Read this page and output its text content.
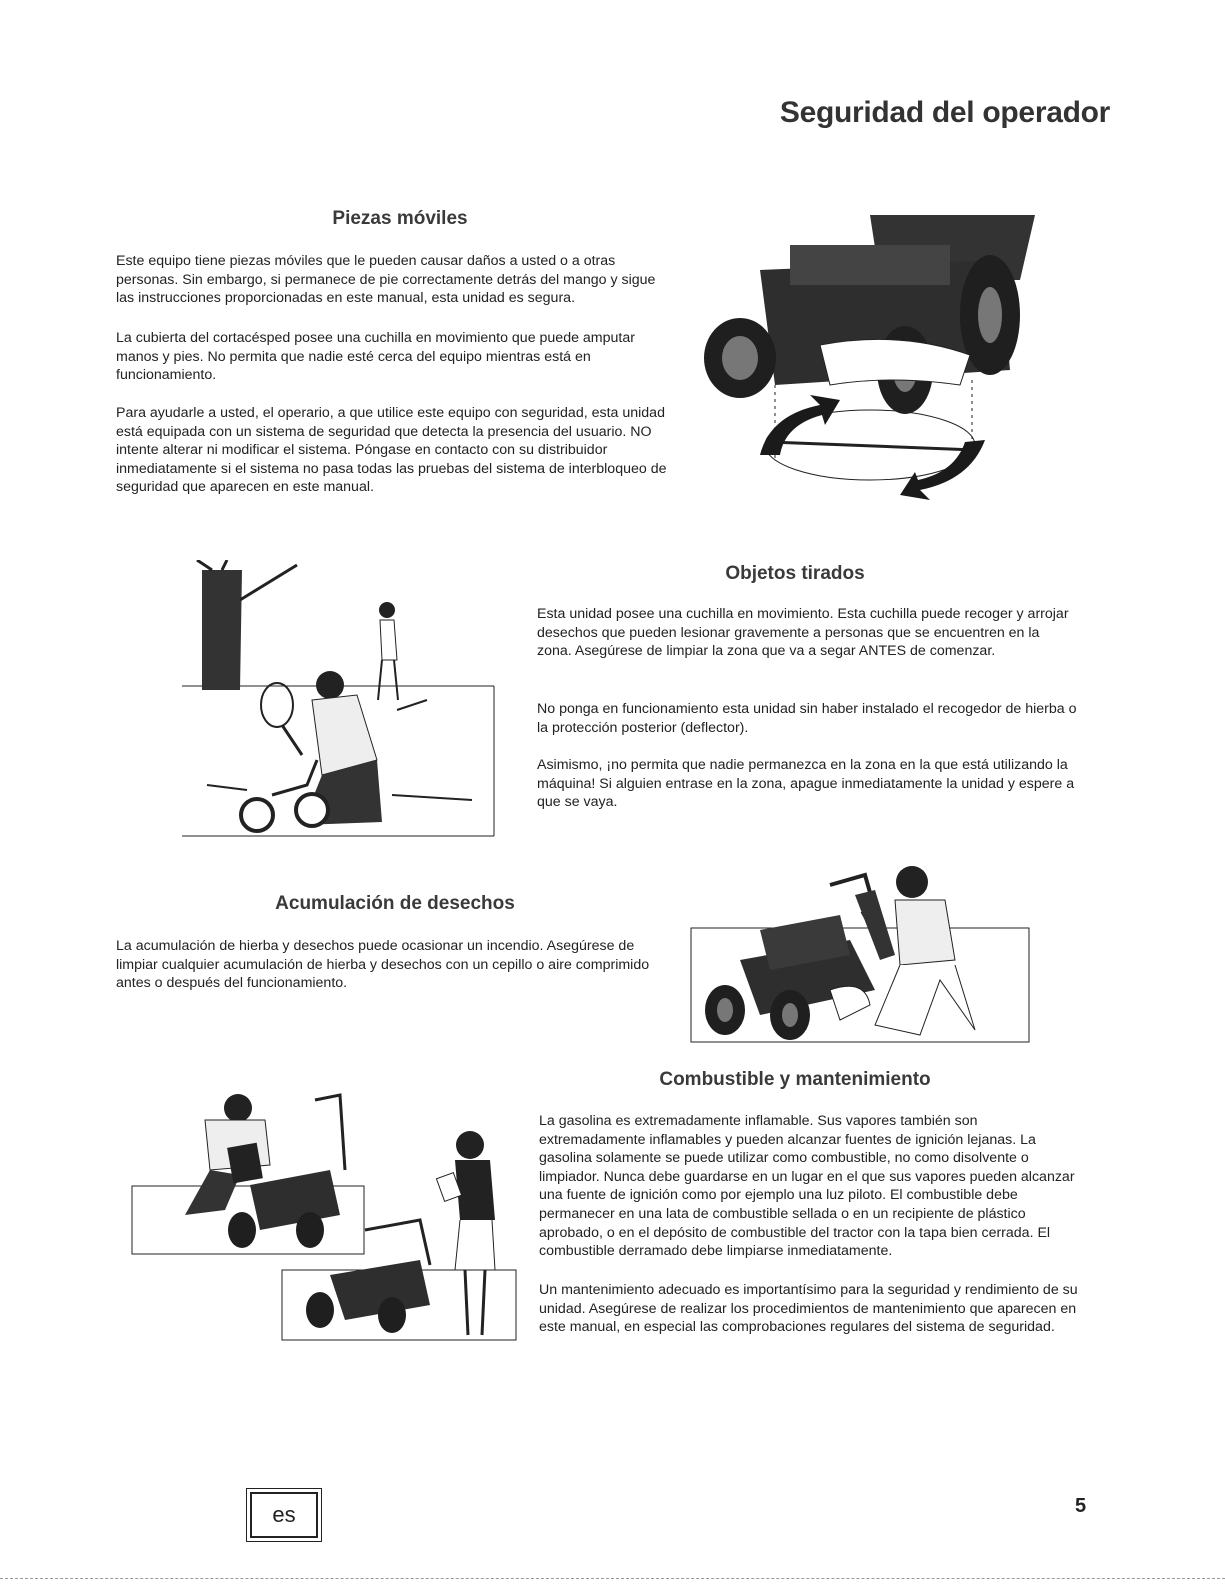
Seguridad del operador
Piezas móviles

Este equipo tiene piezas móviles que le pueden causar daños a usted o a otras personas. Sin embargo, si permanece de pie correctamente detrás del mango y sigue las instrucciones proporcionadas en este manual, esta unidad es segura.

La cubierta del cortacésped posee una cuchilla en movimiento que puede amputar manos y pies. No permita que nadie esté cerca del equipo mientras está en funcionamiento.

Para ayudarle a usted, el operario, a que utilice este equipo con seguridad, esta unidad está equipada con un sistema de seguridad que detecta la presencia del usuario. NO intente alterar ni modificar el sistema. Póngase en contacto con su distribuidor inmediatamente si el sistema no pasa todas las pruebas del sistema de interbloqueo de seguridad que aparecen en este manual.

Objetos tirados

Esta unidad posee una cuchilla en movimiento. Esta cuchilla puede recoger y arrojar desechos que pueden lesionar gravemente a personas que se encuentren en la zona. Asegúrese de limpiar la zona que va a segar ANTES de comenzar.

No ponga en funcionamiento esta unidad sin haber instalado el recogedor de hierba o la protección posterior (deflector).

Asimismo, ¡no permita que nadie permanezca en la zona en la que está utilizando la máquina! Si alguien entrase en la zona, apague inmediatamente la unidad y espere a que se vaya.

Acumulación de desechos

La acumulación de hierba y desechos puede ocasionar un incendio. Asegúrese de limpiar cualquier acumulación de hierba y desechos con un cepillo o aire comprimido antes o después del funcionamiento.

Combustible y mantenimiento

La gasolina es extremadamente inflamable. Sus vapores también son extremadamente inflamables y pueden alcanzar fuentes de ignición lejanas. La gasolina solamente se puede utilizar como combustible, no como disolvente o limpiador. Nunca debe guardarse en un lugar en el que sus vapores pueden alcanzar una fuente de ignición como por ejemplo una luz piloto. El combustible debe permanecer en una lata de combustible sellada o en un recipiente de plástico aprobado, o en el depósito de combustible del tractor con la tapa bien cerrada. El combustible derramado debe limpiarse inmediatamente.

Un mantenimiento adecuado es importantísimo para la seguridad y rendimiento de su unidad. Asegúrese de realizar los procedimientos de mantenimiento que aparecen en este manual, en especial las comprobaciones regulares del sistema de seguridad.

es	5
